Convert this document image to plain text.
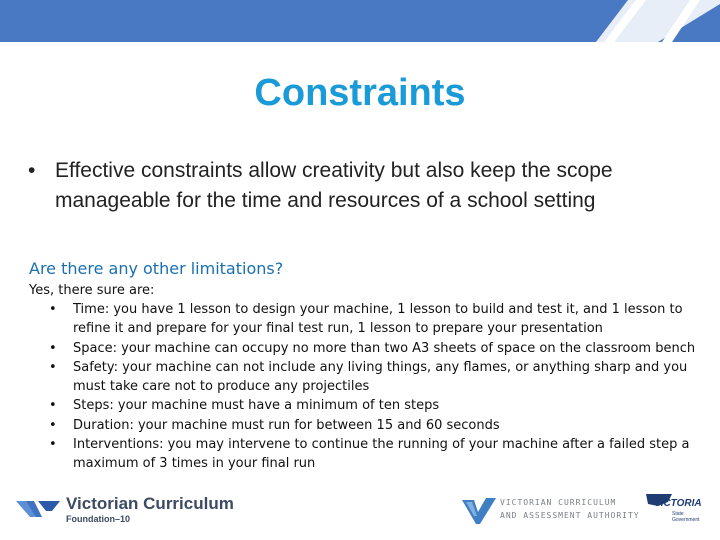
Constraints
• Effective constraints allow creativity but also keep the scope manageable for the time and resources of a school setting
Are there any other limitations?
Yes, there sure are:
• Time: you have 1 lesson to design your machine, 1 lesson to build and test it, and 1 lesson to refine it and prepare for your final test run, 1 lesson to prepare your presentation
• Space: your machine can occupy no more than two A3 sheets of space on the classroom bench
• Safety: your machine can not include any living things, any flames, or anything sharp and you must take care not to produce any projectiles
• Steps: your machine must have a minimum of ten steps
• Duration: your machine must run for between 15 and 60 seconds
• Interventions: you may intervene to continue the running of your machine after a failed step a maximum of 3 times in your final run
Victorian Curriculum
Foundation–10
VICTORIAN CURRICULUM
AND ASSESSMENT AUTHORITY
VICTORIA
State Government
